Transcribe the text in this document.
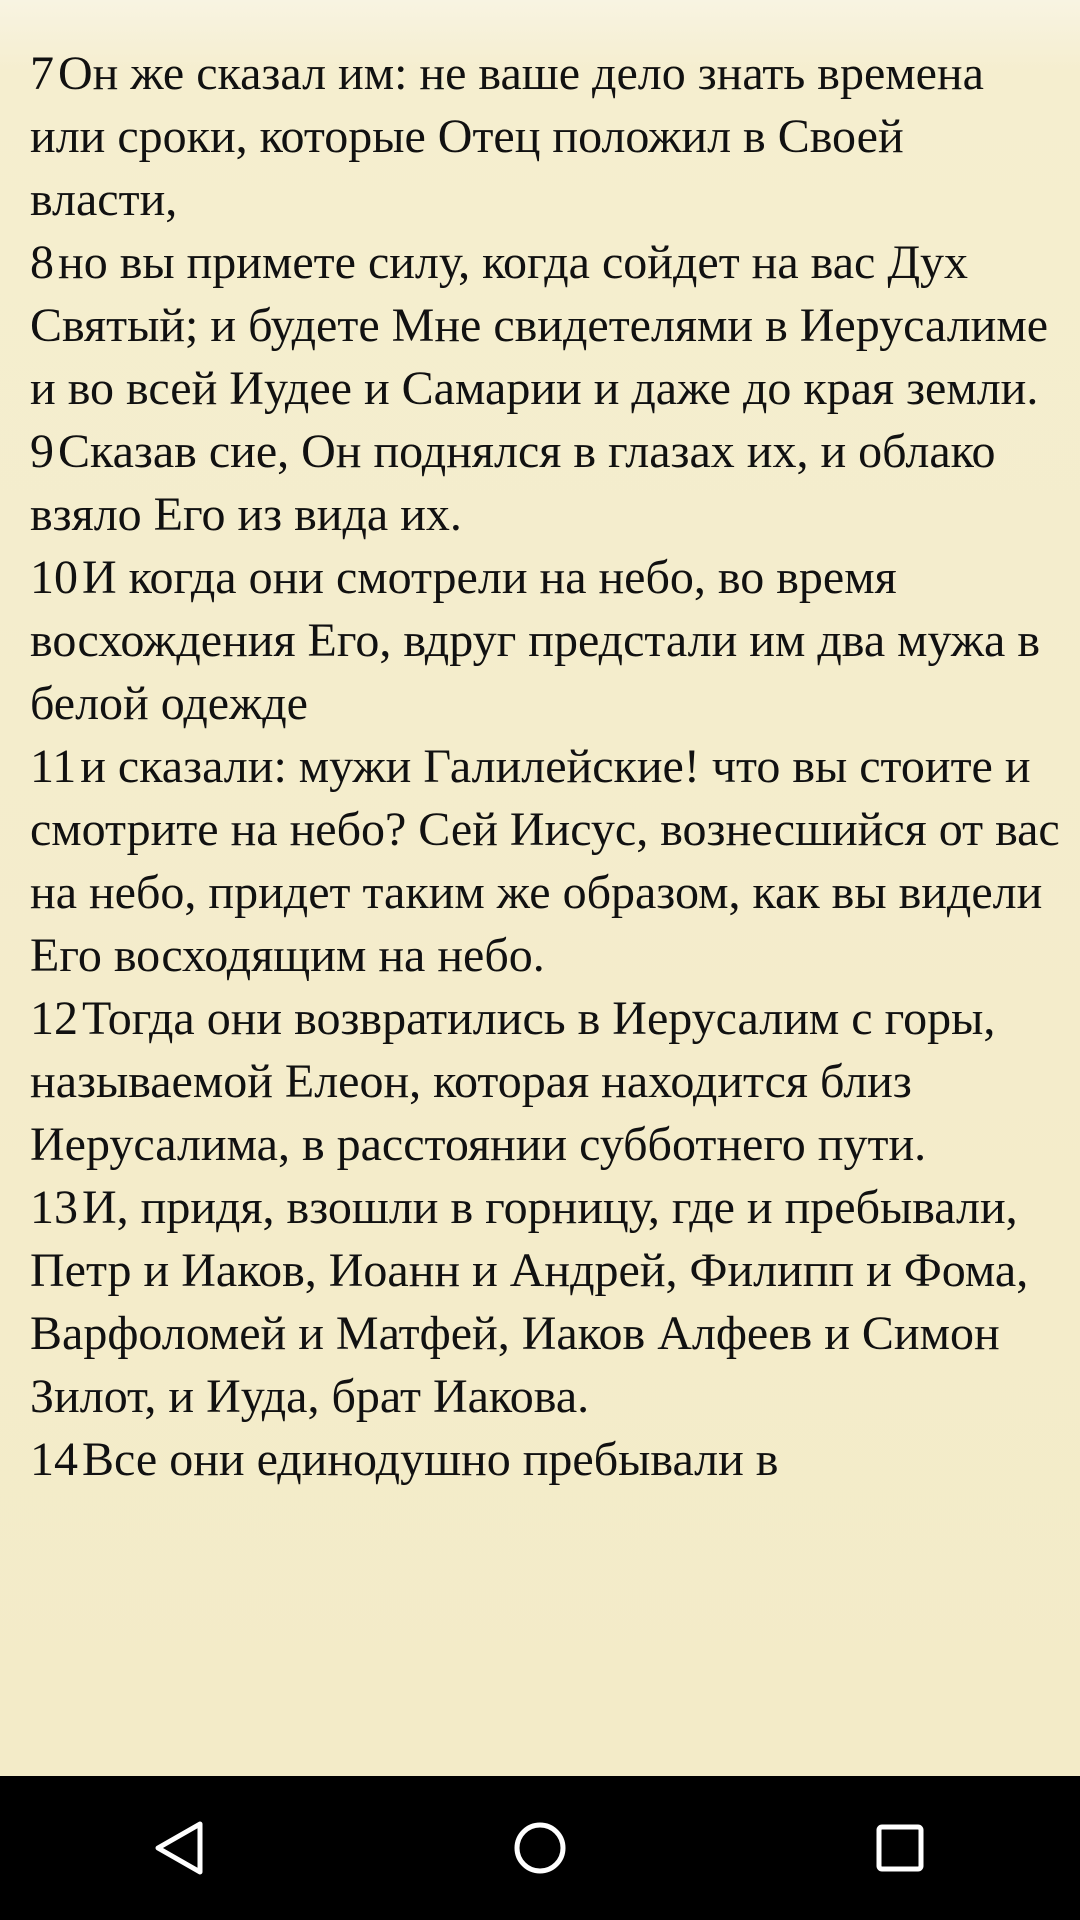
7Он же сказал им: не ваше дело знать времена или сроки, которые Отец положил в Своей власти,

8но вы примете силу, когда сойдет на вас Дух Святый; и будете Мне свидетелями в Иерусалиме и во всей Иудее и Самарии и даже до края земли.

9Сказав сие, Он поднялся в глазах их, и облако взяло Его из вида их.

10И когда они смотрели на небо, во время восхождения Его, вдруг предстали им два мужа в белой одежде

11и сказали: мужи Галилейские! что вы стоите и смотрите на небо? Сей Иисус, вознесшийся от вас на небо, придет таким же образом, как вы видели Его восходящим на небо.

12Тогда они возвратились в Иерусалим с горы, называемой Елеон, которая находится близ Иерусалима, в расстоянии субботнего пути.

13И, придя, взошли в горницу, где и пребывали, Петр и Иаков, Иоанн и Андрей, Филипп и Фома, Варфоломей и Матфей, Иаков Алфеев и Симон Зилот, и Иуда, брат Иакова.

14Все они единодушно пребывали в
